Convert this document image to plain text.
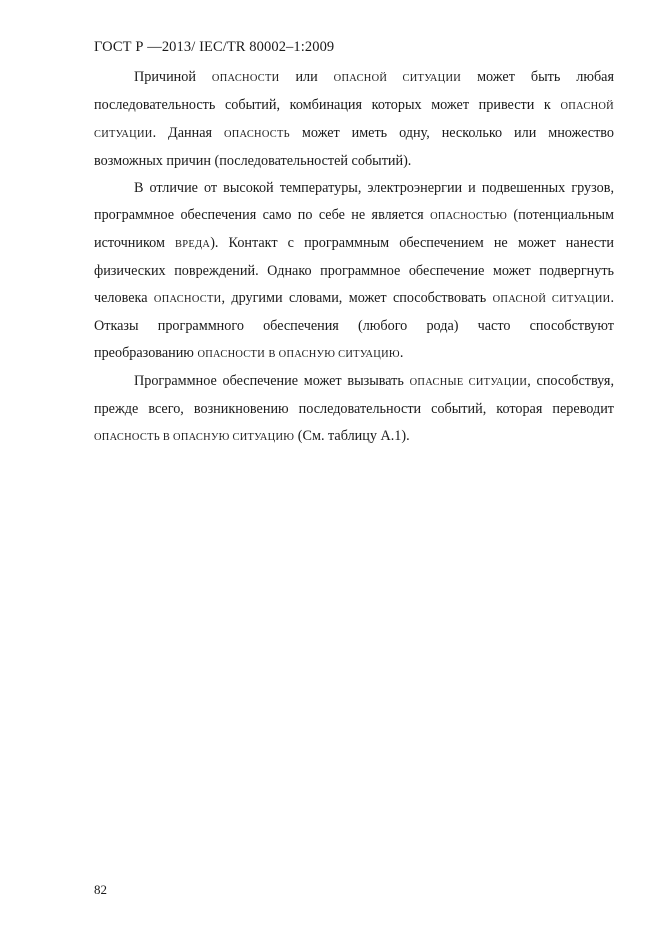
ГОСТ Р —2013/ IEC/TR 80002–1:2009

Причиной ОПАСНОСТИ или ОПАСНОЙ СИТУАЦИИ может быть любая последовательность событий, комбинация которых может привести к ОПАСНОЙ СИТУАЦИИ. Данная ОПАСНОСТЬ может иметь одну, несколько или множество возможных причин (последовательностей событий).

В отличие от высокой температуры, электроэнергии и подвешенных грузов, программное обеспечения само по себе не является ОПАСНОСТЬЮ (потенциальным источником ВРЕДА). Контакт с программным обеспечением не может нанести физических повреждений. Однако программное обеспечение может подвергнуть человека ОПАСНОСТИ, другими словами, может способствовать ОПАСНОЙ СИТУАЦИИ. Отказы программного обеспечения (любого рода) часто способствуют преобразованию ОПАСНОСТИ В ОПАСНУЮ СИТУАЦИЮ.

Программное обеспечение может вызывать ОПАСНЫЕ СИТУАЦИИ, способствуя, прежде всего, возникновению последовательности событий, которая переводит ОПАСНОСТЬ В ОПАСНУЮ СИТУАЦИЮ (См. таблицу А.1).

82
